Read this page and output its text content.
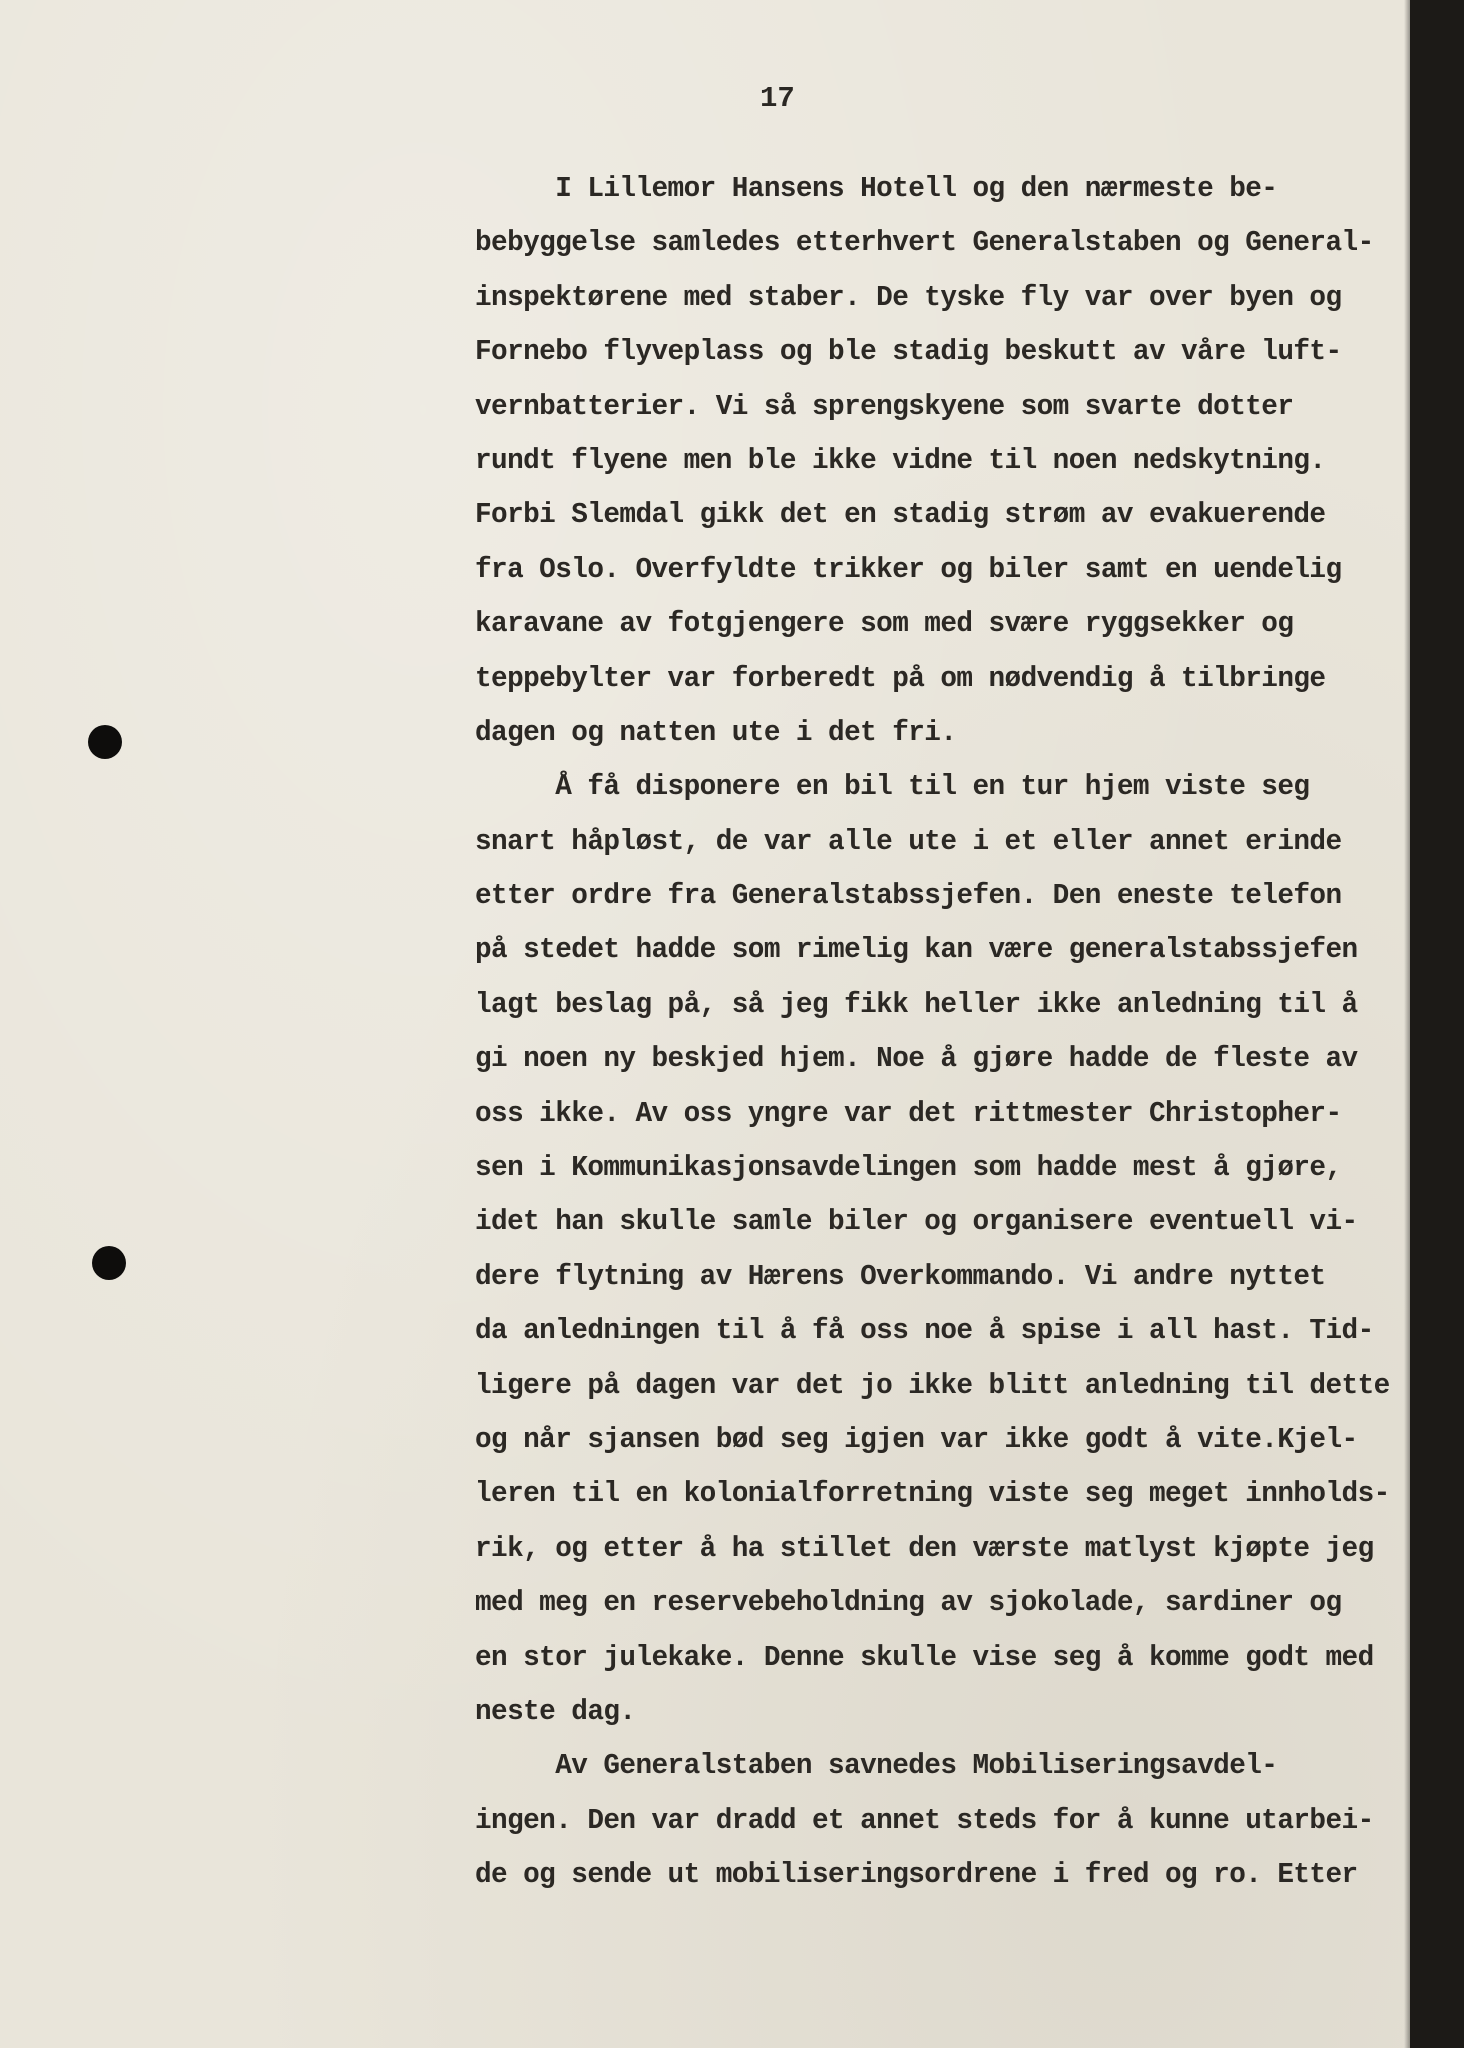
17
I Lillemor Hansens Hotell og den nærmeste be-
bebyggelse samledes etterhvert Generalstaben og General-
inspektørene med staber. De tyske fly var over byen og
Fornebo flyveplass og ble stadig beskutt av våre luft-
vernbatterier. Vi så sprengskyene som svarte dotter
rundt flyene men ble ikke vidne til noen nedskytning.
Forbi Slemdal gikk det en stadig strøm av evakuerende
fra Oslo. Overfyldte trikker og biler samt en uendelig
karavane av fotgjengere som med svære ryggsekker og
teppebylter var forberedt på om nødvendig å tilbringe
dagen og natten ute i det fri.
Å få disponere en bil til en tur hjem viste seg
snart håpløst, de var alle ute i et eller annet erinde
etter ordre fra Generalstabssjefen. Den eneste telefon
på stedet hadde som rimelig kan være generalstabssjefen
lagt beslag på, så jeg fikk heller ikke anledning til å
gi noen ny beskjed hjem. Noe å gjøre hadde de fleste av
oss ikke. Av oss yngre var det rittmester Christopher-
sen i Kommunikasjonsavdelingen som hadde mest å gjøre,
idet han skulle samle biler og organisere eventuell vi-
dere flytning av Hærens Overkommando. Vi andre nyttet
da anledningen til å få oss noe å spise i all hast. Tid-
ligere på dagen var det jo ikke blitt anledning til dette
og når sjansen bød seg igjen var ikke godt å vite.Kjel-
leren til en kolonialforretning viste seg meget innholds-
rik, og etter å ha stillet den værste matlyst kjøpte jeg
med meg en reservebeholdning av sjokolade, sardiner og
en stor julekake. Denne skulle vise seg å komme godt med
neste dag.
Av Generalstaben savnedes Mobiliseringsavdel-
ingen. Den var dradd et annet steds for å kunne utarbei-
de og sende ut mobiliseringsordrene i fred og ro. Etter
